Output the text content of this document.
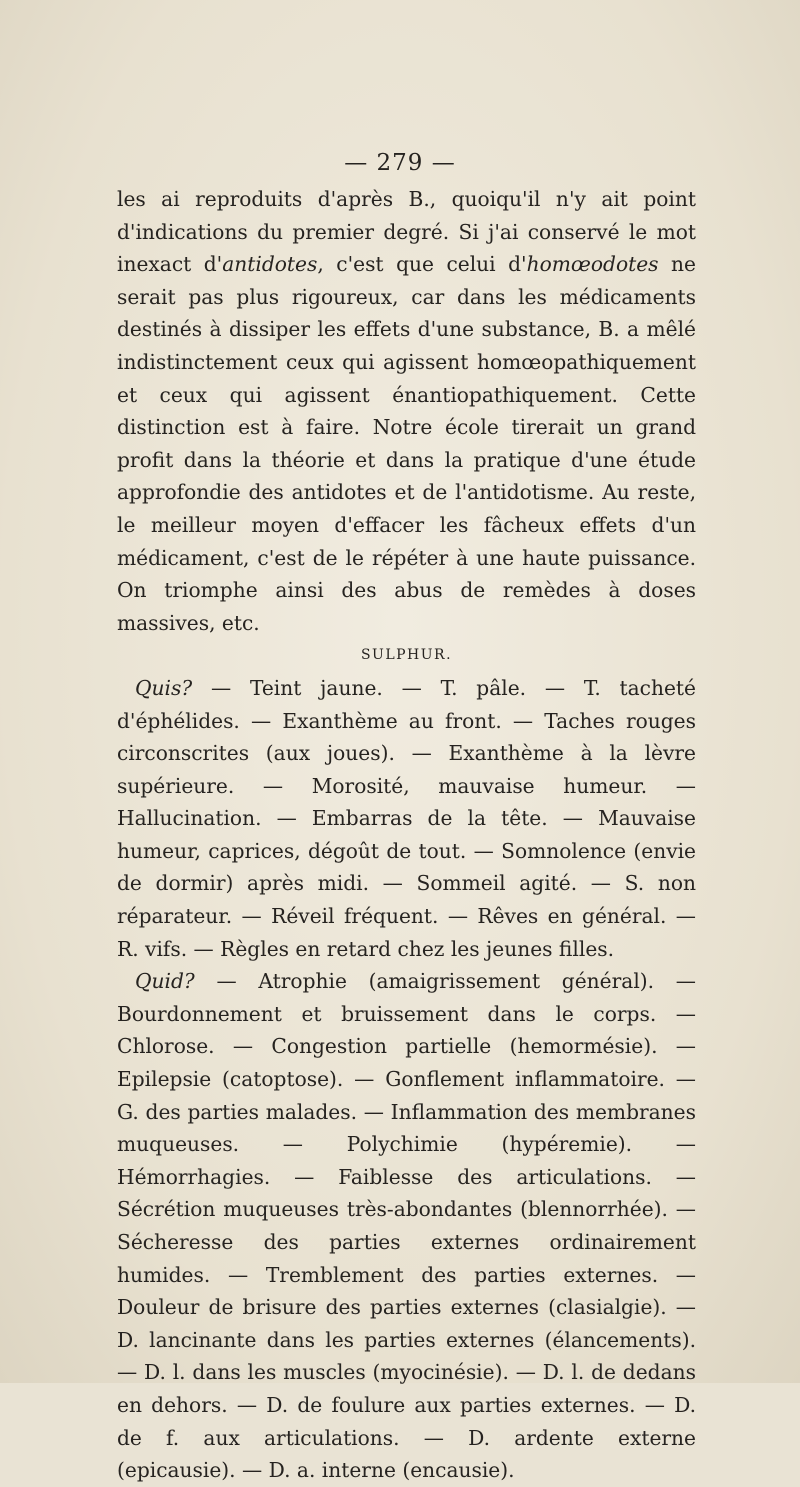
— 279 —

les ai reproduits d'après B., quoiqu'il n'y ait point d'indications du premier degré. Si j'ai conservé le mot inexact d'antidotes, c'est que celui d'homœodotes ne serait pas plus rigoureux, car dans les médicaments destinés à dissiper les effets d'une substance, B. a mêlé indistinctement ceux qui agissent homœopathiquement et ceux qui agissent énantiopathiquement. Cette distinction est à faire. Notre école tirerait un grand profit dans la théorie et dans la pratique d'une étude approfondie des antidotes et de l'antidotisme. Au reste, le meilleur moyen d'effacer les fâcheux effets d'un médicament, c'est de le répéter à une haute puissance. On triomphe ainsi des abus de remèdes à doses massives, etc.

SULPHUR.

Quis? — Teint jaune. — T. pâle. — T. tacheté d'éphélides. — Exanthème au front. — Taches rouges circonscrites (aux joues). — Exanthème à la lèvre supérieure. — Morosité, mauvaise humeur. — Hallucination. — Embarras de la tête. — Mauvaise humeur, caprices, dégoût de tout. — Somnolence (envie de dormir) après midi. — Sommeil agité. — S. non réparateur. — Réveil fréquent. — Rêves en général. — R. vifs. — Règles en retard chez les jeunes filles.

Quid? — Atrophie (amaigrissement général). — Bourdonnement et bruissement dans le corps. — Chlorose. — Congestion partielle (hemormésie). — Epilepsie (catoptose). — Gonflement inflammatoire. — G. des parties malades. — Inflammation des membranes muqueuses. — Polychimie (hypéremie). — Hémorrhagies. — Faiblesse des articulations. — Sécrétion muqueuses très-abondantes (blennorrhée). — Sécheresse des parties externes ordinairement humides. — Tremblement des parties externes. — Douleur de brisure des parties externes (clasialgie). — D. lancinante dans les parties externes (élancements). — D. l. dans les muscles (myocinésie). — D. l. de dedans en dehors. — D. de foulure aux parties externes. — D. de f. aux articulations. — D. ardente externe (epicausie). — D. a. interne (encausie).
